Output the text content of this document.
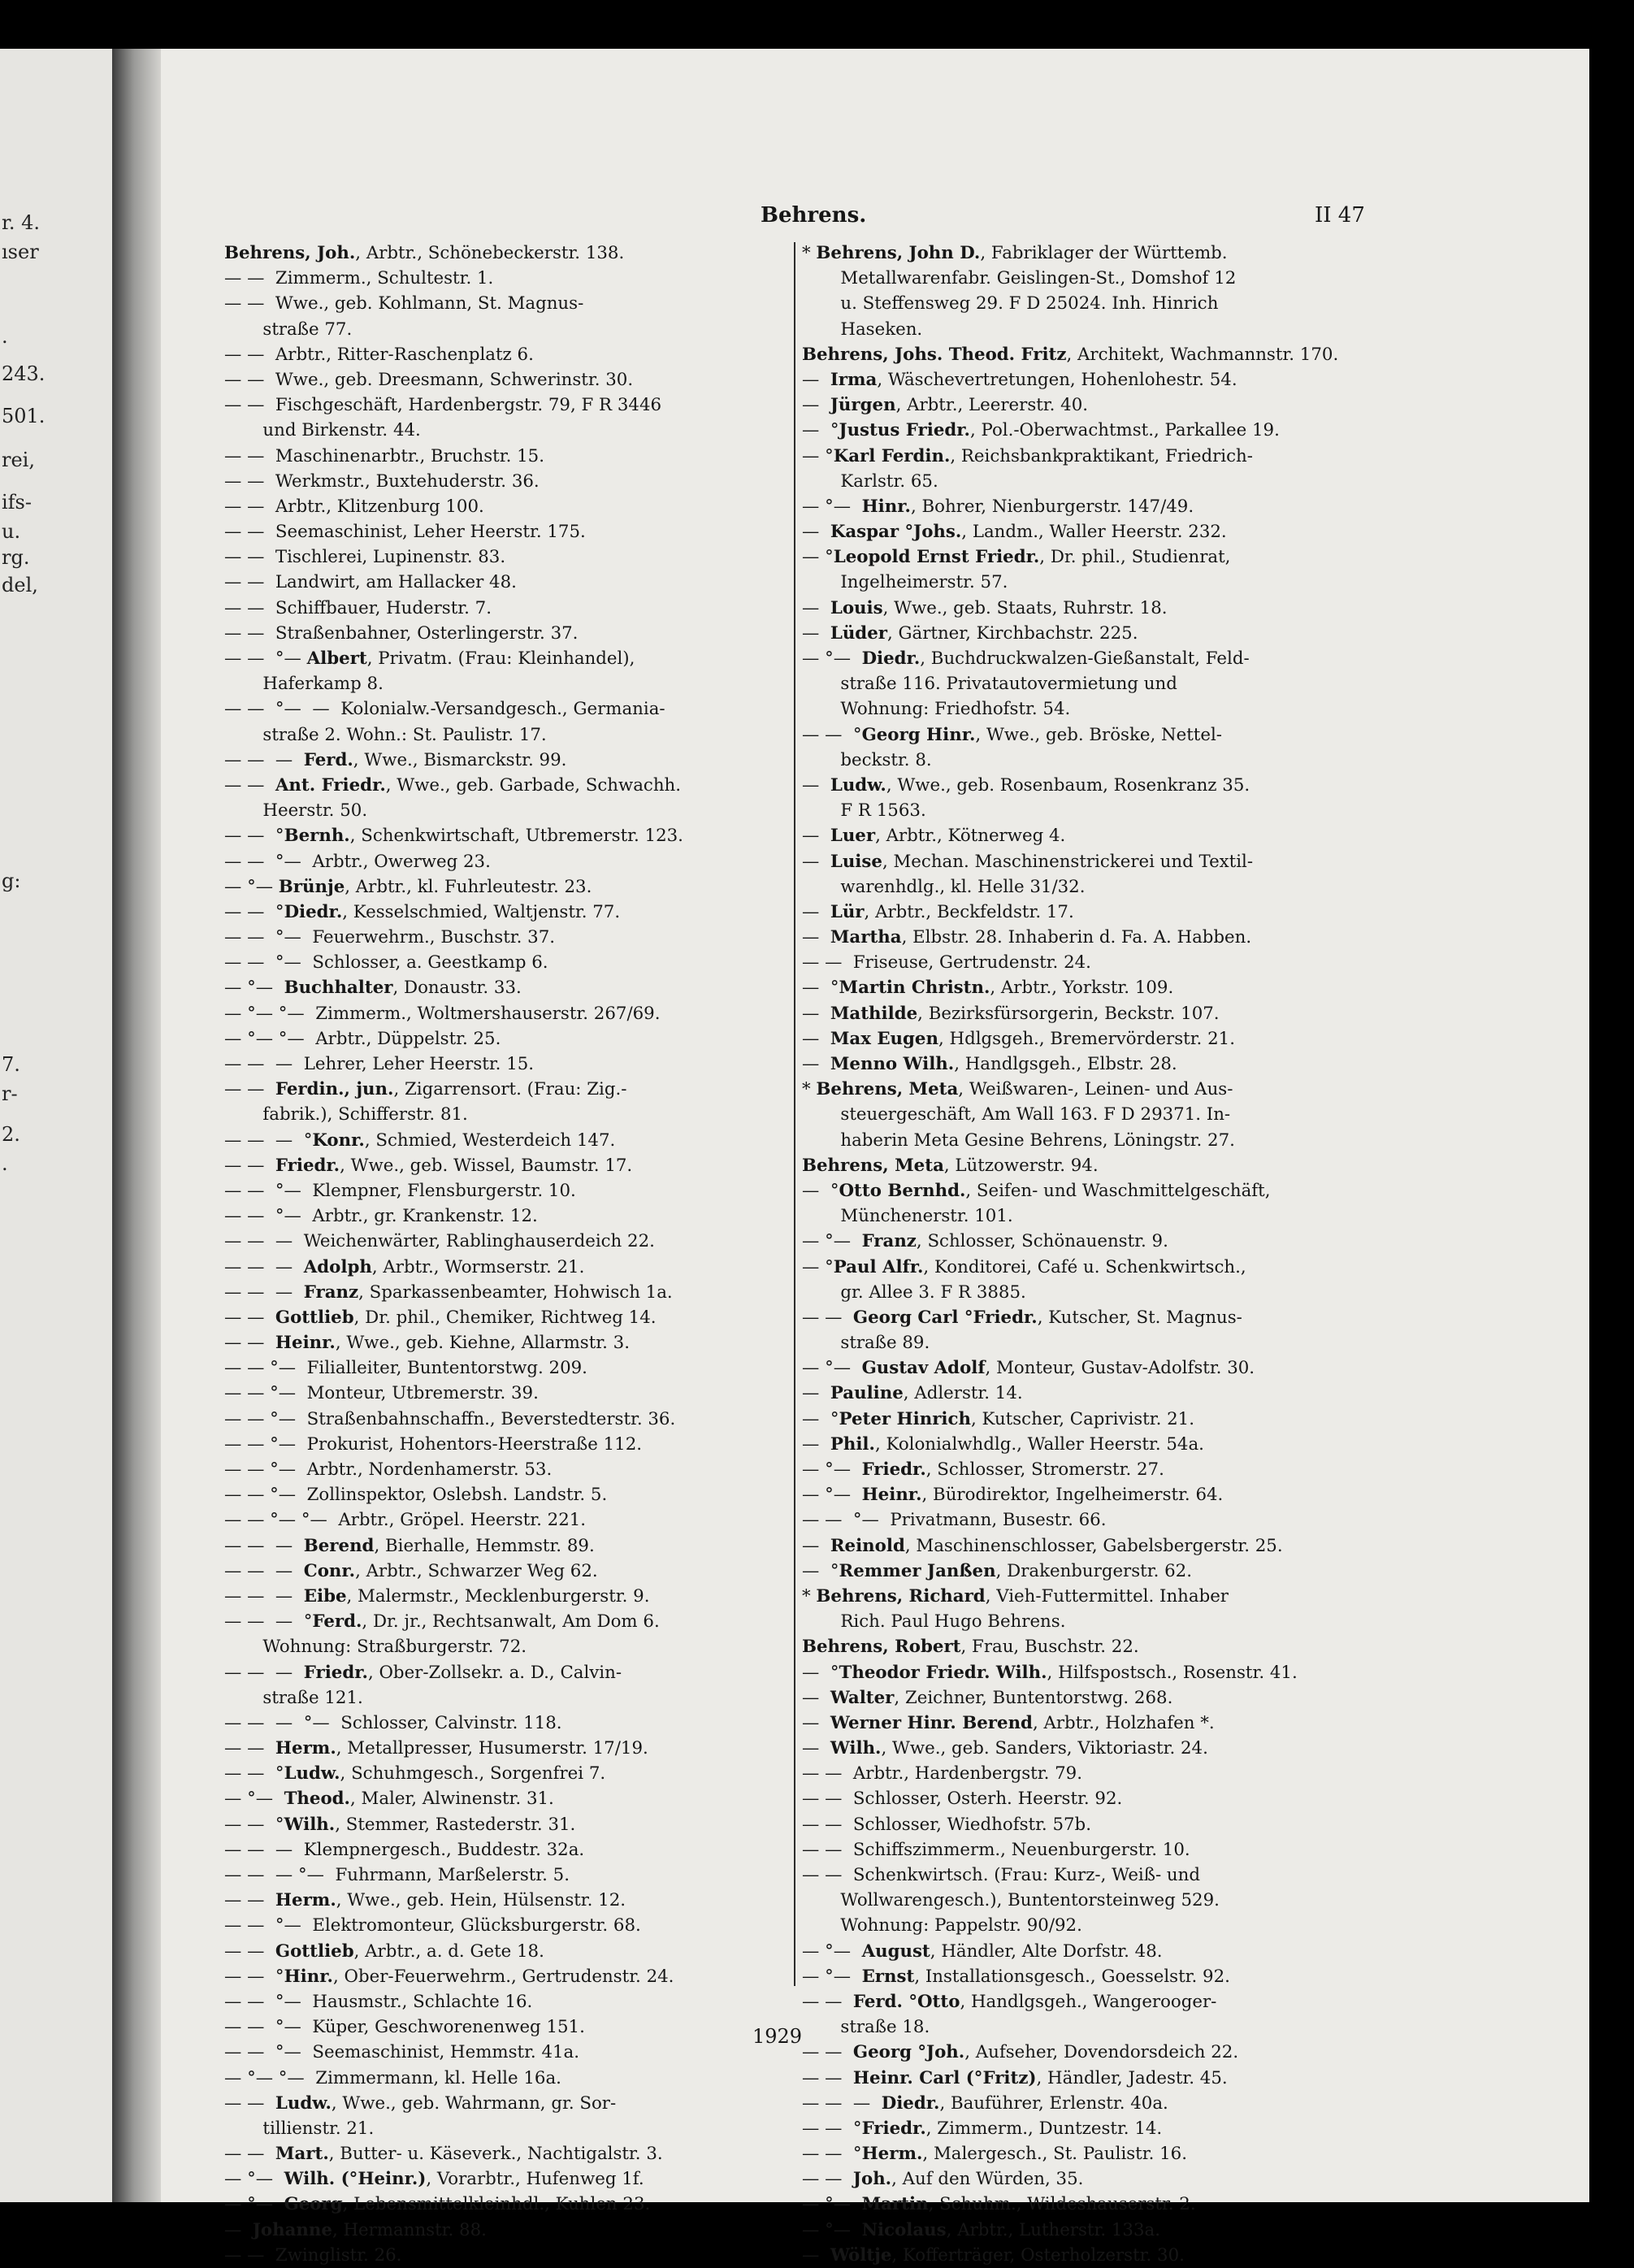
r. 4.
ıser
.
243.
501.
rei,
ifs-
u.
rg.
del,
g:
7.
r-
2.
.
Behrens.	II 47
Behrens, Joh., Arbtr., Schönebeckerstr. 138.
— —  Zimmerm., Schultestr. 1.
— —  Wwe., geb. Kohlmann, St. Magnus-
straße 77.
— —  Arbtr., Ritter-Raschenplatz 6.
— —  Wwe., geb. Dreesmann, Schwerinstr. 30.
— —  Fischgeschäft, Hardenbergstr. 79, F R 3446
und Birkenstr. 44.
— —  Maschinenarbtr., Bruchstr. 15.
— —  Werkmstr., Buxtehuderstr. 36.
— —  Arbtr., Klitzenburg 100.
— —  Seemaschinist, Leher Heerstr. 175.
— —  Tischlerei, Lupinenstr. 83.
— —  Landwirt, am Hallacker 48.
— —  Schiffbauer, Huderstr. 7.
— —  Straßenbahner, Osterlingerstr. 37.
— —  °— Albert, Privatm. (Frau: Kleinhandel),
Haferkamp 8.
— —  °—  —  Kolonialw.-Versandgesch., Germania-
straße 2. Wohn.: St. Paulistr. 17.
— —  —  Ferd., Wwe., Bismarckstr. 99.
— —  Ant. Friedr., Wwe., geb. Garbade, Schwachh.
Heerstr. 50.
— —  °Bernh., Schenkwirtschaft, Utbremerstr. 123.
— —  °—  Arbtr., Owerweg 23.
— °— Brünje, Arbtr., kl. Fuhrleutestr. 23.
— —  °Diedr., Kesselschmied, Waltjenstr. 77.
— —  °—  Feuerwehrm., Buschstr. 37.
— —  °—  Schlosser, a. Geestkamp 6.
— °—  Buchhalter, Donaustr. 33.
— °— °—  Zimmerm., Woltmershauserstr. 267/69.
— °— °—  Arbtr., Düppelstr. 25.
— —  —  Lehrer, Leher Heerstr. 15.
— —  Ferdin., jun., Zigarrensort. (Frau: Zig.-
fabrik.), Schifferstr. 81.
— —  —  °Konr., Schmied, Westerdeich 147.
— —  Friedr., Wwe., geb. Wissel, Baumstr. 17.
— —  °—  Klempner, Flensburgerstr. 10.
— —  °—  Arbtr., gr. Krankenstr. 12.
— —  —  Weichenwärter, Rablinghauserdeich 22.
— —  —  Adolph, Arbtr., Wormserstr. 21.
— —  —  Franz, Sparkassenbeamter, Hohwisch 1a.
— —  Gottlieb, Dr. phil., Chemiker, Richtweg 14.
— —  Heinr., Wwe., geb. Kiehne, Allarmstr. 3.
— — °—  Filialleiter, Buntentorstwg. 209.
— — °—  Monteur, Utbremerstr. 39.
— — °—  Straßenbahnschaffn., Beverstedterstr. 36.
— — °—  Prokurist, Hohentors-Heerstraße 112.
— — °—  Arbtr., Nordenhamerstr. 53.
— — °—  Zollinspektor, Oslebsh. Landstr. 5.
— — °— °—  Arbtr., Gröpel. Heerstr. 221.
— —  —  Berend, Bierhalle, Hemmstr. 89.
— —  —  Conr., Arbtr., Schwarzer Weg 62.
— —  —  Eibe, Malermstr., Mecklenburgerstr. 9.
— —  —  °Ferd., Dr. jr., Rechtsanwalt, Am Dom 6.
Wohnung: Straßburgerstr. 72.
— —  —  Friedr., Ober-Zollsekr. a. D., Calvin-
straße 121.
— —  —  °—  Schlosser, Calvinstr. 118.
— —  Herm., Metallpresser, Husumerstr. 17/19.
— —  °Ludw., Schuhmgesch., Sorgenfrei 7.
— °—  Theod., Maler, Alwinenstr. 31.
— —  °Wilh., Stemmer, Rastederstr. 31.
— —  —  Klempnergesch., Buddestr. 32a.
— —  — °—  Fuhrmann, Marßelerstr. 5.
— —  Herm., Wwe., geb. Hein, Hülsenstr. 12.
— —  °—  Elektromonteur, Glücksburgerstr. 68.
— —  Gottlieb, Arbtr., a. d. Gete 18.
— —  °Hinr., Ober-Feuerwehrm., Gertrudenstr. 24.
— —  °—  Hausmstr., Schlachte 16.
— —  °—  Küper, Geschworenenweg 151.
— —  °—  Seemaschinist, Hemmstr. 41a.
— °— °—  Zimmermann, kl. Helle 16a.
— —  Ludw., Wwe., geb. Wahrmann, gr. Sor-
tillienstr. 21.
— —  Mart., Butter- u. Käseverk., Nachtigalstr. 3.
— °—  Wilh. (°Heinr.), Vorarbtr., Hufenweg 1f.
— °—  Georg, Lebensmittelkleinhdl., Kuhlen 23.
—  Johanne, Hermannstr. 88.
— —  Zwinglistr. 26.
* Behrens, John D., Fabriklager der Württemb.
Metallwarenfabr. Geislingen-St., Domshof 12
u. Steffensweg 29. F D 25024. Inh. Hinrich
Haseken.
Behrens, Johs. Theod. Fritz, Architekt, Wachmannstr. 170.
—  Irma, Wäschevertretungen, Hohenlohestr. 54.
—  Jürgen, Arbtr., Leererstr. 40.
—  °Justus Friedr., Pol.-Oberwachtmst., Parkallee 19.
— °Karl Ferdin., Reichsbankpraktikant, Friedrich-
Karlstr. 65.
— °—  Hinr., Bohrer, Nienburgerstr. 147/49.
—  Kaspar °Johs., Landm., Waller Heerstr. 232.
— °Leopold Ernst Friedr., Dr. phil., Studienrat,
Ingelheimerstr. 57.
—  Louis, Wwe., geb. Staats, Ruhrstr. 18.
—  Lüder, Gärtner, Kirchbachstr. 225.
— °—  Diedr., Buchdruckwalzen-Gießanstalt, Feld-
straße 116. Privatautovermietung und
Wohnung: Friedhofstr. 54.
— —  °Georg Hinr., Wwe., geb. Bröske, Nettel-
beckstr. 8.
—  Ludw., Wwe., geb. Rosenbaum, Rosenkranz 35.
F R 1563.
—  Luer, Arbtr., Kötnerweg 4.
—  Luise, Mechan. Maschinenstrickerei und Textil-
warenhdlg., kl. Helle 31/32.
—  Lür, Arbtr., Beckfeldstr. 17.
—  Martha, Elbstr. 28. Inhaberin d. Fa. A. Habben.
— —  Friseuse, Gertrudenstr. 24.
—  °Martin Christn., Arbtr., Yorkstr. 109.
—  Mathilde, Bezirksfürsorgerin, Beckstr. 107.
—  Max Eugen, Hdlgsgeh., Bremervörderstr. 21.
—  Menno Wilh., Handlgsgeh., Elbstr. 28.
* Behrens, Meta, Weißwaren-, Leinen- und Aus-
steuergeschäft, Am Wall 163. F D 29371. In-
haberin Meta Gesine Behrens, Löningstr. 27.
Behrens, Meta, Lützowerstr. 94.
—  °Otto Bernhd., Seifen- und Waschmittelgeschäft,
Münchenerstr. 101.
— °—  Franz, Schlosser, Schönauenstr. 9.
— °Paul Alfr., Konditorei, Café u. Schenkwirtsch.,
gr. Allee 3. F R 3885.
— —  Georg Carl °Friedr., Kutscher, St. Magnus-
straße 89.
— °—  Gustav Adolf, Monteur, Gustav-Adolfstr. 30.
—  Pauline, Adlerstr. 14.
—  °Peter Hinrich, Kutscher, Caprivistr. 21.
—  Phil., Kolonialwhdlg., Waller Heerstr. 54a.
— °—  Friedr., Schlosser, Stromerstr. 27.
— °—  Heinr., Bürodirektor, Ingelheimerstr. 64.
— —  °—  Privatmann, Busestr. 66.
—  Reinold, Maschinenschlosser, Gabelsbergerstr. 25.
—  °Remmer Janßen, Drakenburgerstr. 62.
* Behrens, Richard, Vieh-Futtermittel. Inhaber
Rich. Paul Hugo Behrens.
Behrens, Robert, Frau, Buschstr. 22.
—  °Theodor Friedr. Wilh., Hilfspostsch., Rosenstr. 41.
—  Walter, Zeichner, Buntentorstwg. 268.
—  Werner Hinr. Berend, Arbtr., Holzhafen *.
—  Wilh., Wwe., geb. Sanders, Viktoriastr. 24.
— —  Arbtr., Hardenbergstr. 79.
— —  Schlosser, Osterh. Heerstr. 92.
— —  Schlosser, Wiedhofstr. 57b.
— —  Schiffszimmerm., Neuenburgerstr. 10.
— —  Schenkwirtsch. (Frau: Kurz-, Weiß- und
Wollwarengesch.), Buntentorsteinweg 529.
Wohnung: Pappelstr. 90/92.
— °—  August, Händler, Alte Dorfstr. 48.
— °—  Ernst, Installationsgesch., Goesselstr. 92.
— —  Ferd. °Otto, Handlgsgeh., Wangerooger-
straße 18.
— —  Georg °Joh., Aufseher, Dovendorsdeich 22.
— —  Heinr. Carl (°Fritz), Händler, Jadestr. 45.
— —  —  Diedr., Bauführer, Erlenstr. 40a.
— —  °Friedr., Zimmerm., Duntzestr. 14.
— —  °Herm., Malergesch., St. Paulistr. 16.
— —  Joh., Auf den Würden, 35.
— °—  Martin, Schuhm., Wildeshauserstr. 2.
— °—  Nicolaus, Arbtr., Lutherstr. 133a.
—  Wöltje, Kofferträger, Osterholzerstr. 30.
1929
